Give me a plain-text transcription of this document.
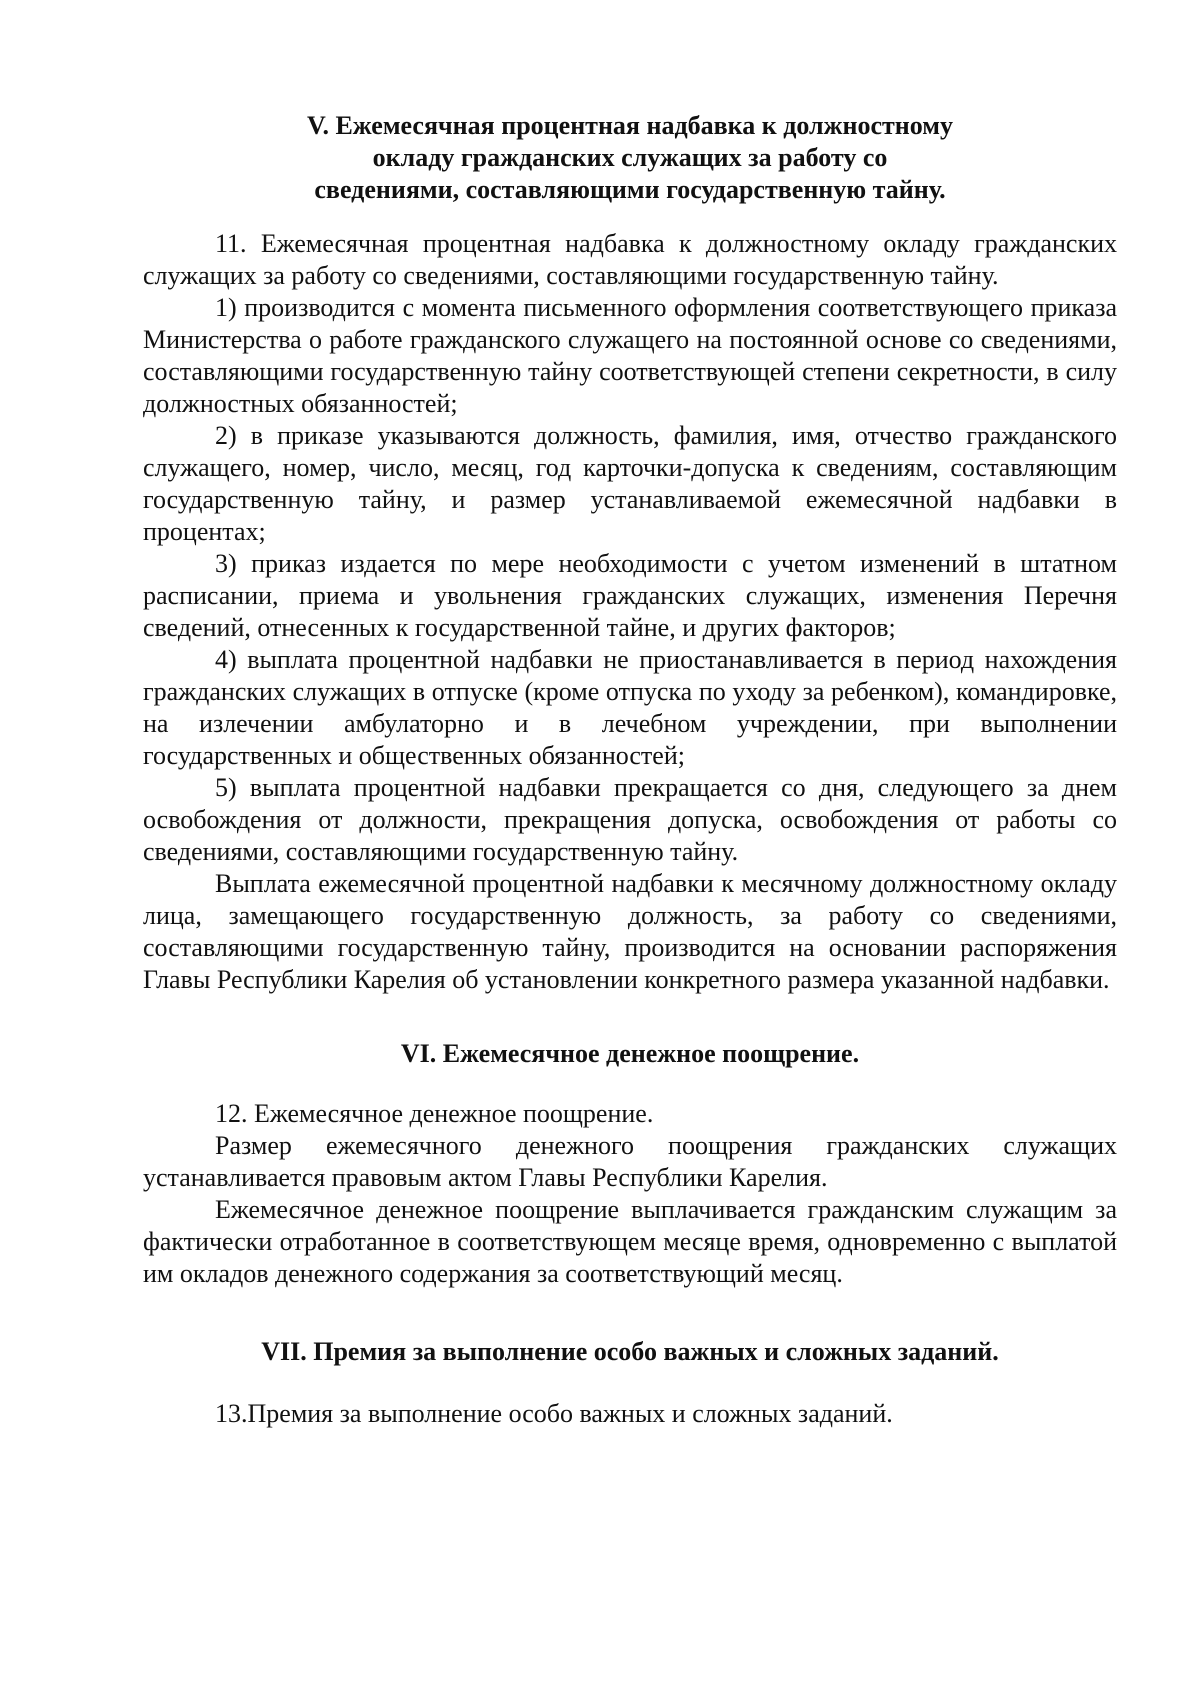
V. Ежемесячная процентная надбавка к должностному
окладу гражданских служащих за работу со
сведениями, составляющими государственную тайну.

11. Ежемесячная процентная надбавка к должностному окладу гражданских служащих за работу со сведениями, составляющими государственную тайну.

1) производится с момента письменного оформления соответствующего приказа Министерства о работе гражданского служащего на постоянной основе со сведениями, составляющими государственную тайну соответствующей степени секретности, в силу должностных обязанностей;

2) в приказе указываются должность, фамилия, имя, отчество гражданского служащего, номер, число, месяц, год карточки-допуска к сведениям, составляющим государственную тайну, и размер устанавливаемой ежемесячной надбавки в процентах;

3) приказ издается по мере необходимости с учетом изменений в штатном расписании, приема и увольнения гражданских служащих, изменения Перечня сведений, отнесенных к государственной тайне, и других факторов;

4) выплата процентной надбавки не приостанавливается в период нахождения гражданских служащих в отпуске (кроме отпуска по уходу за ребенком), командировке, на излечении амбулаторно и в лечебном учреждении, при выполнении государственных и общественных обязанностей;

5) выплата процентной надбавки прекращается со дня, следующего за днем освобождения от должности, прекращения допуска, освобождения от работы со сведениями, составляющими государственную тайну.

Выплата ежемесячной процентной надбавки к месячному должностному окладу лица, замещающего государственную должность, за работу со сведениями, составляющими государственную тайну, производится на основании распоряжения Главы Республики Карелия об установлении конкретного размера указанной надбавки.

VI. Ежемесячное денежное поощрение.

12. Ежемесячное денежное поощрение.

Размер ежемесячного денежного поощрения гражданских служащих устанавливается правовым актом Главы Республики Карелия.

Ежемесячное денежное поощрение выплачивается гражданским служащим за фактически отработанное в соответствующем месяце время, одновременно с выплатой им окладов денежного содержания за соответствующий месяц.

VII. Премия за выполнение особо важных и сложных заданий.

13.Премия за выполнение особо важных и сложных заданий.
